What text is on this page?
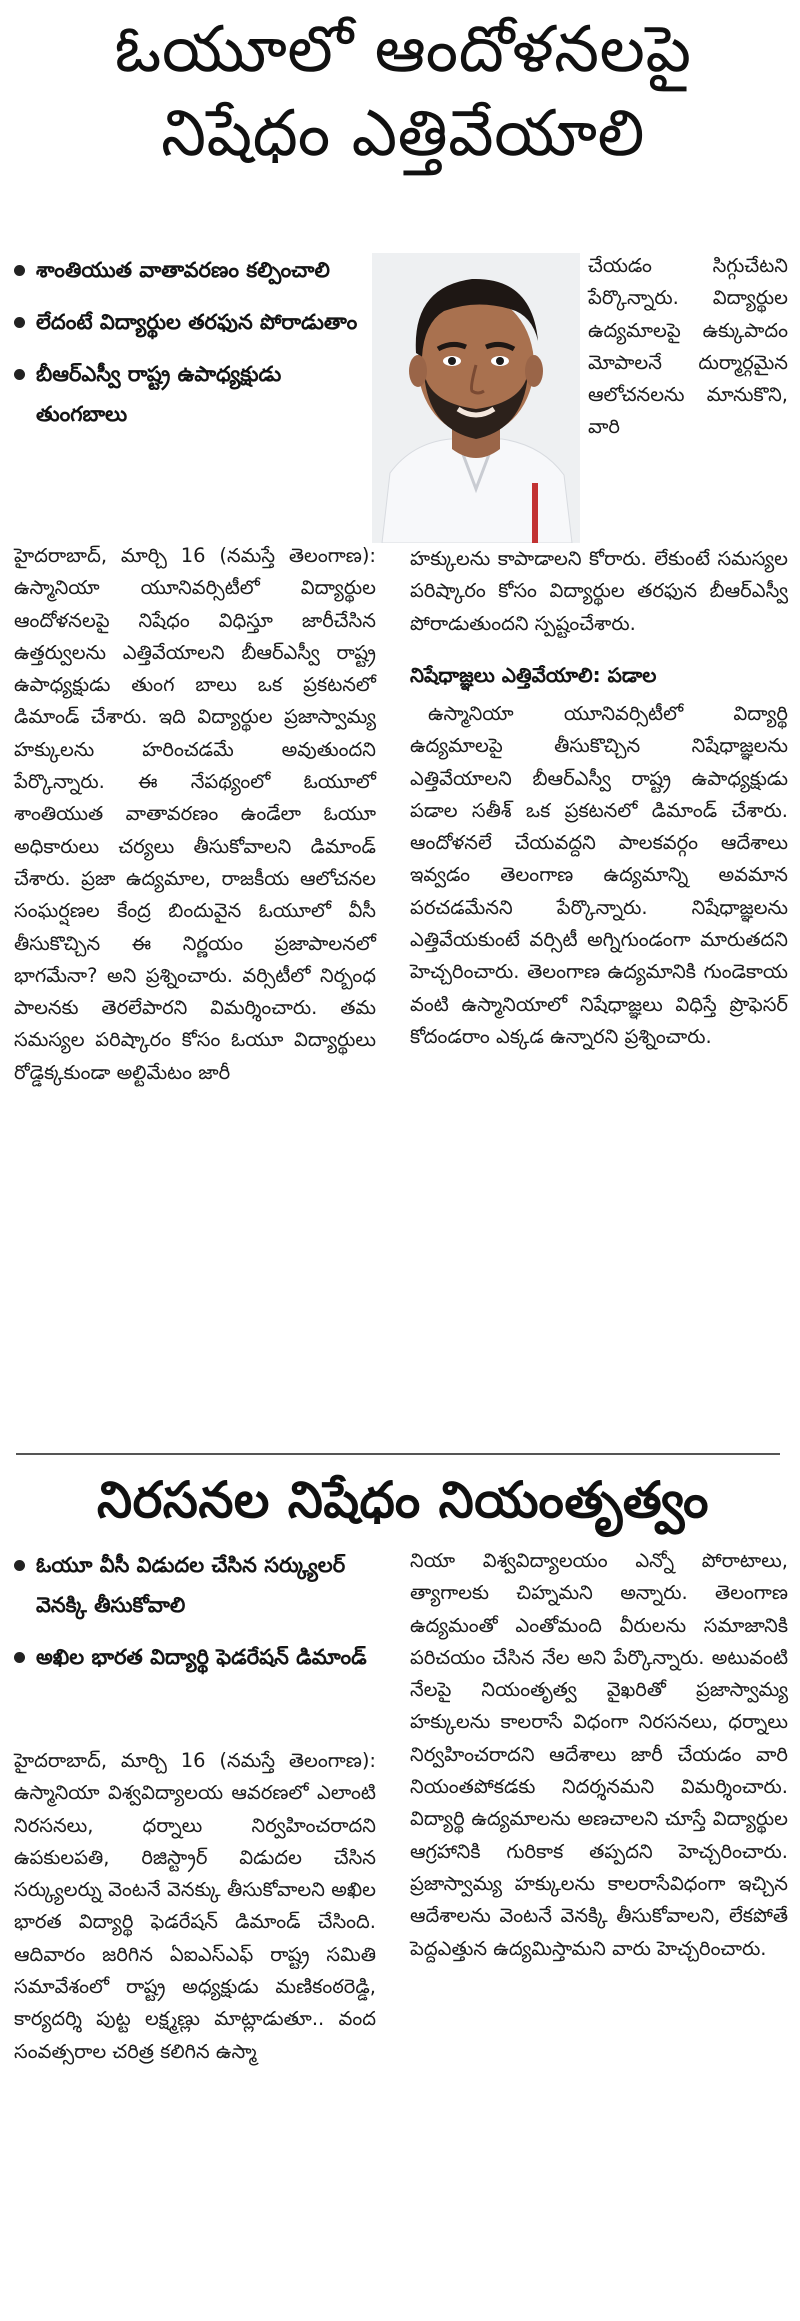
ఓయూలో ఆందోళనలపై
నిషేధం ఎత్తివేయాలి
శాంతియుత వాతావరణం కల్పించాలి
లేదంటే విద్యార్థుల తరఫున పోరాడుతాం
బీఆర్ఎస్వీ రాష్ట్ర ఉపాధ్యక్షుడు తుంగబాలు
చేయడం సిగ్గుచేటని పేర్కొన్నారు. విద్యార్థుల ఉద్యమాలపై ఉక్కుపాదం మోపాలనే దుర్మార్గమైన ఆలోచనలను మానుకొని, వారి
హైదరాబాద్, మార్చి 16 (నమస్తే తెలంగాణ): ఉస్మానియా యూనివర్సిటీలో విద్యార్థుల ఆందోళనలపై నిషేధం విధిస్తూ జారీచేసిన ఉత్తర్వులను ఎత్తివేయాలని బీఆర్ఎస్వీ రాష్ట్ర ఉపాధ్యక్షుడు తుంగ బాలు ఒక ప్రకటనలో డిమాండ్ చేశారు. ఇది విద్యార్థుల ప్రజాస్వామ్య హక్కులను హరించడమే అవుతుందని పేర్కొన్నారు. ఈ నేపథ్యంలో ఓయూలో శాంతియుత వాతావరణం ఉండేలా ఓయూ అధికారులు చర్యలు తీసుకోవాలని డిమాండ్ చేశారు. ప్రజా ఉద్యమాల, రాజకీయ ఆలోచనల సంఘర్షణల కేంద్ర బిందువైన ఓయూలో వీసీ తీసుకొచ్చిన ఈ నిర్ణయం ప్రజాపాలనలో భాగమేనా? అని ప్రశ్నించారు. వర్సిటీలో నిర్బంధ పాలనకు తెరలేపారని విమర్శించారు. తమ సమస్యల పరిష్కారం కోసం ఓయూ విద్యార్థులు రోడ్డెక్కకుండా అల్టిమేటం జారీ
హక్కులను కాపాడాలని కోరారు. లేకుంటే సమస్యల పరిష్కారం కోసం విద్యార్థుల తరఫున బీఆర్ఎస్వీ పోరాడుతుందని స్పష్టంచేశారు.
నిషేధాజ్ఞలు ఎత్తివేయాలి: పడాల
ఉస్మానియా యూనివర్సిటీలో విద్యార్థి ఉద్యమాలపై తీసుకొచ్చిన నిషేధాజ్ఞలను ఎత్తివేయాలని బీఆర్ఎస్వీ రాష్ట్ర ఉపాధ్యక్షుడు పడాల సతీశ్ ఒక ప్రకటనలో డిమాండ్ చేశారు. ఆందోళనలే చేయవద్దని పాలకవర్గం ఆదేశాలు ఇవ్వడం తెలంగాణ ఉద్యమాన్ని అవమాన పరచడమేనని పేర్కొన్నారు. నిషేధాజ్ఞలను ఎత్తివేయకుంటే వర్సిటీ అగ్నిగుండంగా మారుతదని హెచ్చరించారు. తెలంగాణ ఉద్యమానికి గుండెకాయ వంటి ఉస్మానియాలో నిషేధాజ్ఞలు విధిస్తే ప్రొఫెసర్ కోదండరాం ఎక్కడ ఉన్నారని ప్రశ్నించారు.
నిరసనల నిషేధం నియంతృత్వం
ఓయూ వీసీ విడుదల చేసిన సర్క్యులర్ వెనక్కి తీసుకోవాలి
అఖిల భారత విద్యార్థి ఫెడరేషన్ డిమాండ్
హైదరాబాద్, మార్చి 16 (నమస్తే తెలంగాణ): ఉస్మానియా విశ్వవిద్యాలయ ఆవరణలో ఎలాంటి నిరసనలు, ధర్నాలు నిర్వహించరాదని ఉపకులపతి, రిజిస్ట్రార్ విడుదల చేసిన సర్క్యులర్ను వెంటనే వెనక్కు తీసుకోవాలని అఖిల భారత విద్యార్థి ఫెడరేషన్ డిమాండ్ చేసింది. ఆదివారం జరిగిన ఏఐఎస్ఎఫ్ రాష్ట్ర సమితి సమావేశంలో రాష్ట్ర అధ్యక్షుడు మణికంఠరెడ్డి, కార్యదర్శి పుట్ట లక్ష్మణ్లు మాట్లాడుతూ.. వంద సంవత్సరాల చరిత్ర కలిగిన ఉస్మా
నియా విశ్వవిద్యాలయం ఎన్నో పోరాటాలు, త్యాగాలకు చిహ్నమని అన్నారు. తెలంగాణ ఉద్యమంతో ఎంతోమంది వీరులను సమాజానికి పరిచయం చేసిన నేల అని పేర్కొన్నారు. అటువంటి నేలపై నియంతృత్వ వైఖరితో ప్రజాస్వామ్య హక్కులను కాలరాసే విధంగా నిరసనలు, ధర్నాలు నిర్వహించరాదని ఆదేశాలు జారీ చేయడం వారి నియంతపోకడకు నిదర్శనమని విమర్శించారు. విద్యార్థి ఉద్యమాలను అణచాలని చూస్తే విద్యార్థుల ఆగ్రహానికి గురికాక తప్పదని హెచ్చరించారు. ప్రజాస్వామ్య హక్కులను కాలరాసేవిధంగా ఇచ్చిన ఆదేశాలను వెంటనే వెనక్కి తీసుకోవాలని, లేకపోతే పెద్దఎత్తున ఉద్యమిస్తామని వారు హెచ్చరించారు.
